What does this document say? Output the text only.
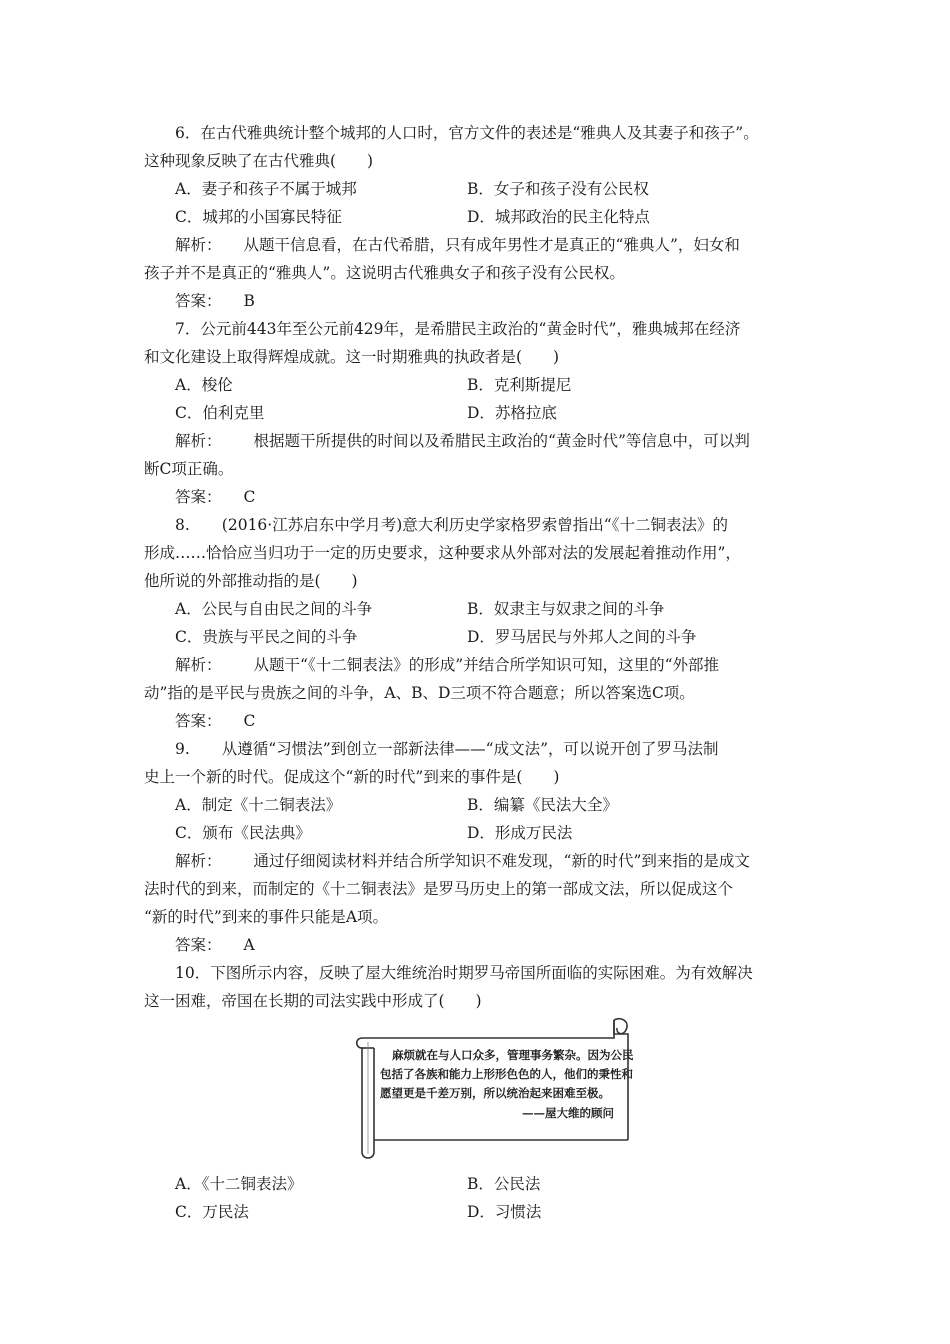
6．在古代雅典统计整个城邦的人口时，官方文件的表述是“雅典人及其妻子和孩子”。
这种现象反映了在古代雅典(　　)
A．妻子和孩子不属于城邦	B．女子和孩子没有公民权
C．城邦的小国寡民特征	D．城邦政治的民主化特点
解析： 从题干信息看，在古代希腊，只有成年男性才是真正的“雅典人”，妇女和
孩子并不是真正的“雅典人”。这说明古代雅典女子和孩子没有公民权。
答案： B
7．公元前443年至公元前429年，是希腊民主政治的“黄金时代”，雅典城邦在经济
和文化建设上取得辉煌成就。这一时期雅典的执政者是(　　)
A．梭伦	B．克利斯提尼
C．伯利克里	D．苏格拉底
解析： 根据题干所提供的时间以及希腊民主政治的“黄金时代”等信息中，可以判
断C项正确。
答案： C
8. (2016·江苏启东中学月考)意大利历史学家格罗索曾指出“《十二铜表法》的
形成……恰恰应当归功于一定的历史要求，这种要求从外部对法的发展起着推动作用”，
他所说的外部推动指的是(　　)
A．公民与自由民之间的斗争	B．奴隶主与奴隶之间的斗争
C．贵族与平民之间的斗争	D．罗马居民与外邦人之间的斗争
解析： 从题干“《十二铜表法》的形成”并结合所学知识可知，这里的“外部推
动”指的是平民与贵族之间的斗争，A、B、D三项不符合题意；所以答案选C项。
答案： C
9. 从遵循“习惯法”到创立一部新法律——“成文法”，可以说开创了罗马法制
史上一个新的时代。促成这个“新的时代”到来的事件是(　　)
A．制定《十二铜表法》	B．编纂《民法大全》
C．颁布《民法典》	D．形成万民法
解析： 通过仔细阅读材料并结合所学知识不难发现，“新的时代”到来指的是成文
法时代的到来，而制定的《十二铜表法》是罗马历史上的第一部成文法，所以促成这个
“新的时代”到来的事件只能是A项。
答案： A
10．下图所示内容，反映了屋大维统治时期罗马帝国所面临的实际困难。为有效解决
这一困难，帝国在长期的司法实践中形成了(　　)
麻烦就在与人口众多，管理事务繁杂。因为公民
包括了各族和能力上形形色色的人，他们的秉性和
愿望更是千差万别，所以统治起来困难至极。
——屋大维的顾问
A．《十二铜表法》	B．公民法
C．万民法	D．习惯法
